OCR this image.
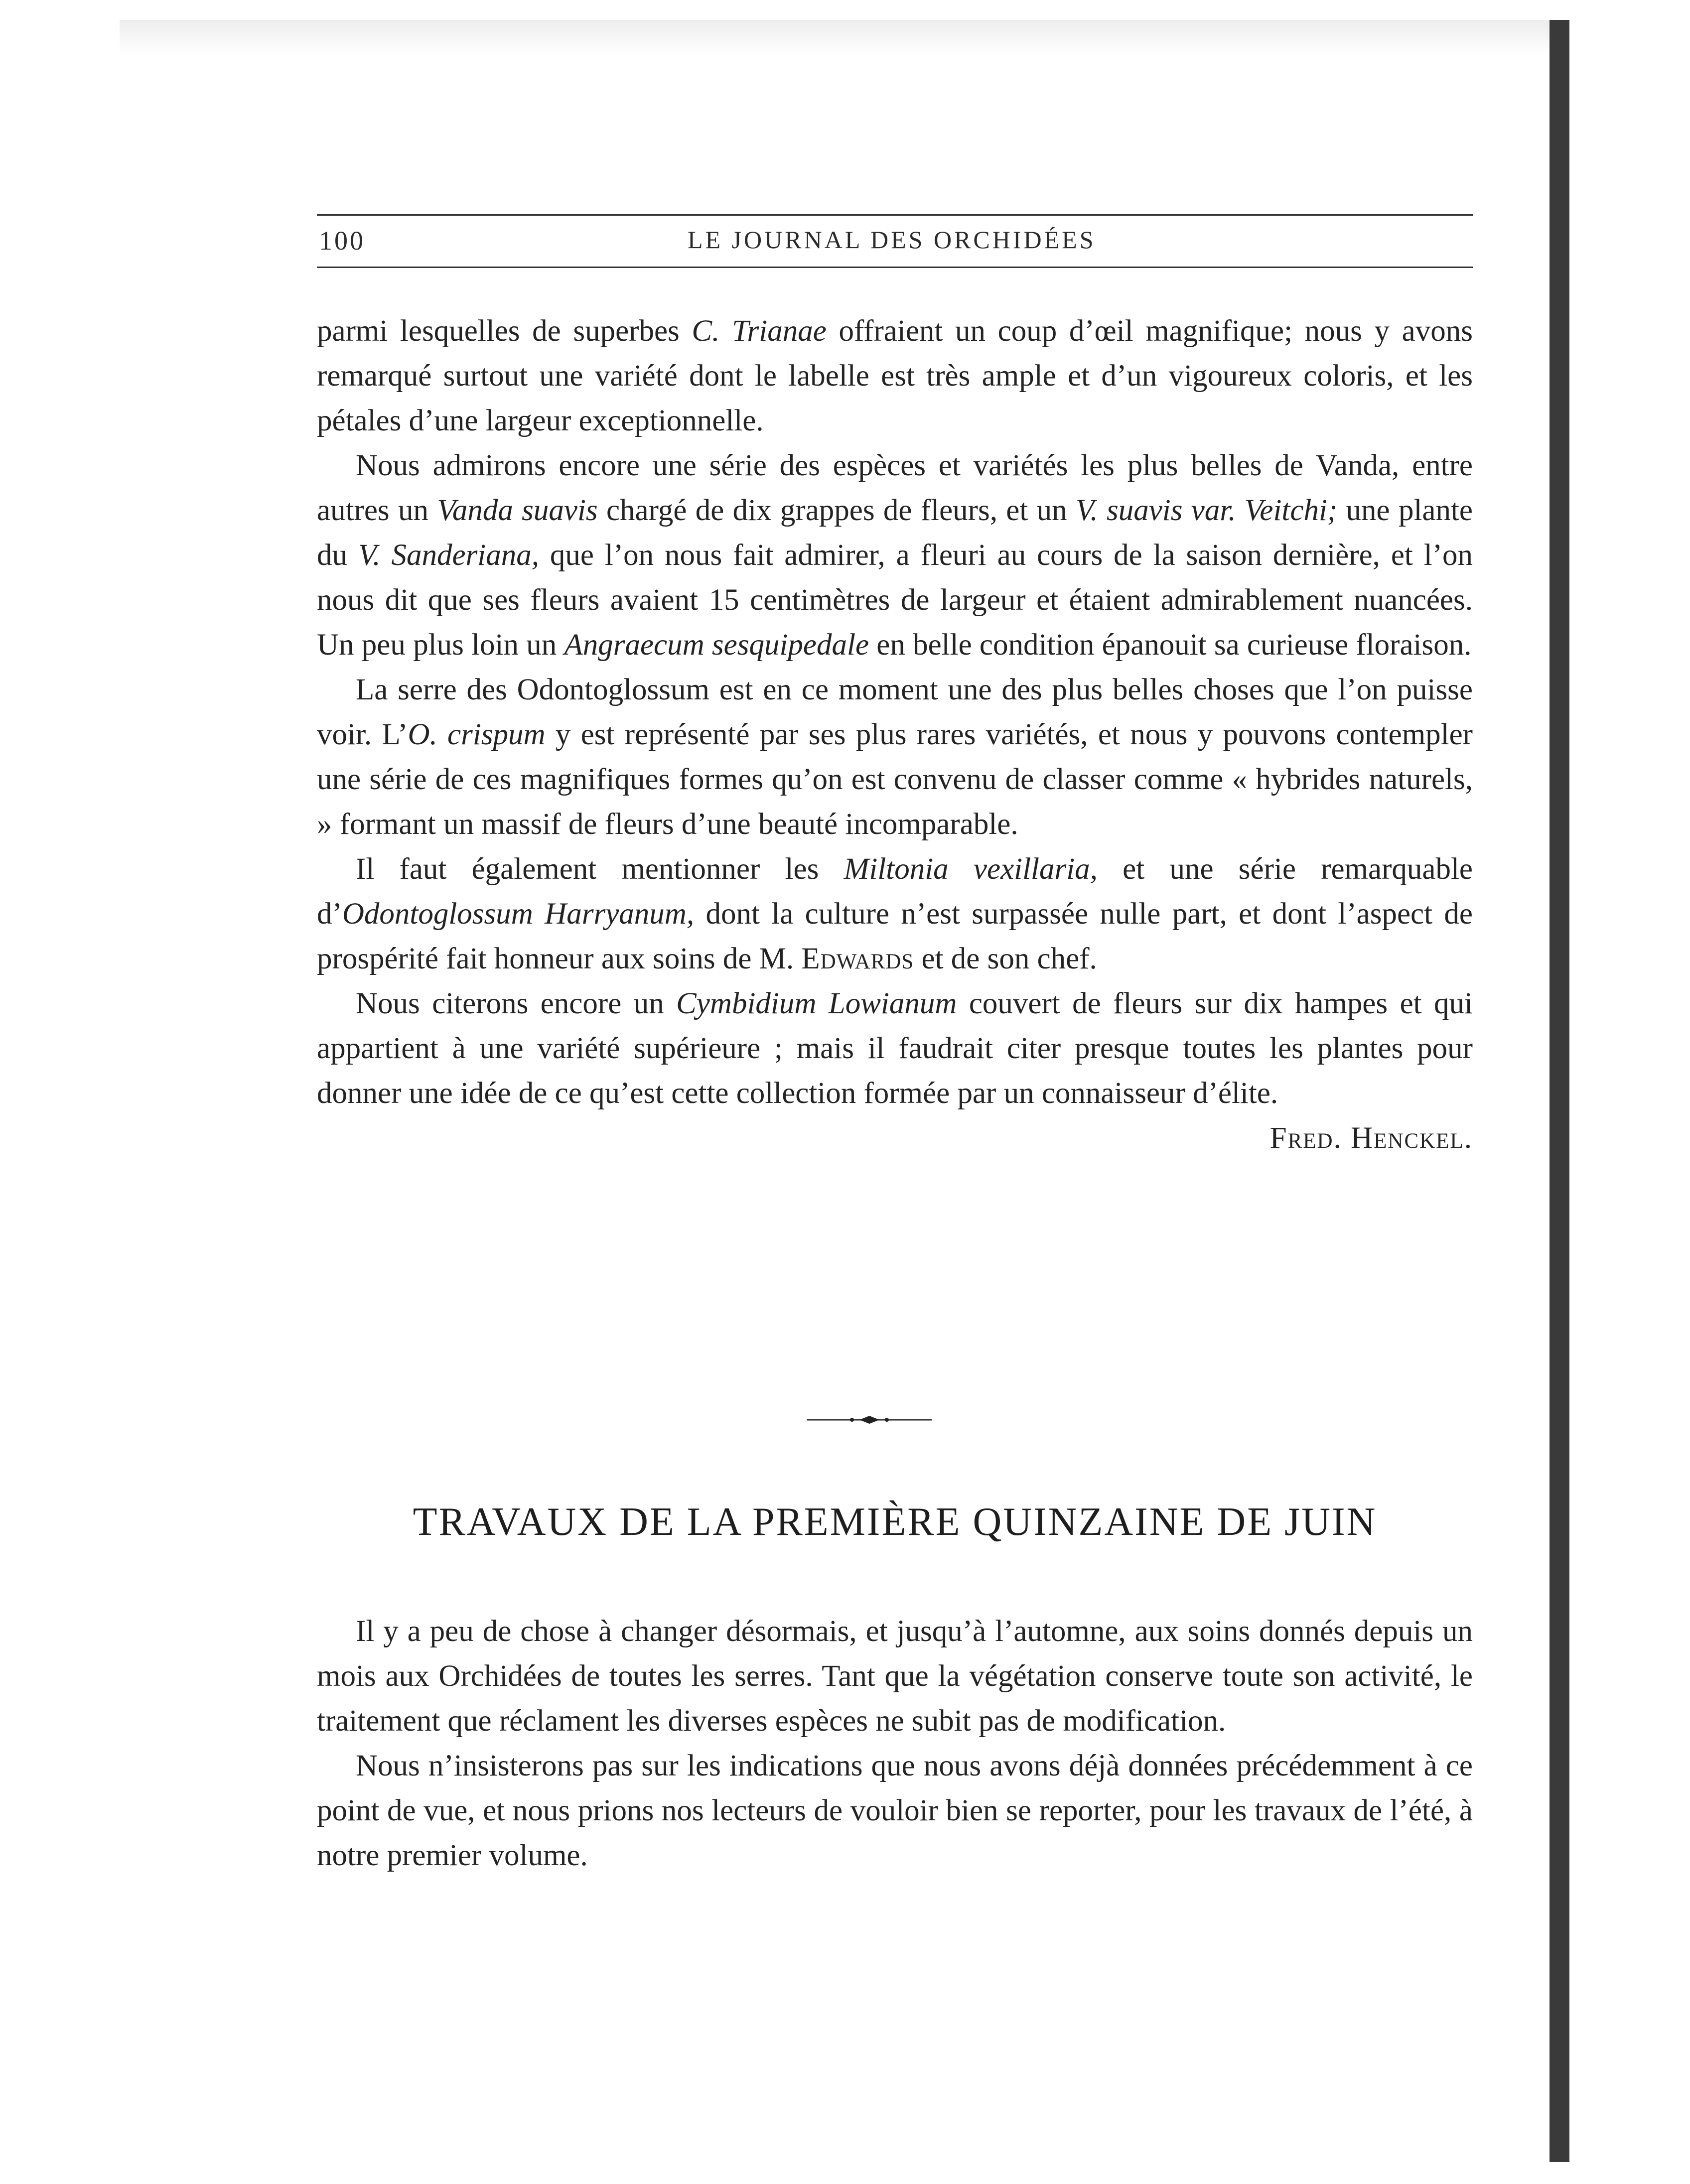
100	LE JOURNAL DES ORCHIDÉES

parmi lesquelles de superbes C. Trianae offraient un coup d’œil magnifique; nous y avons remarqué surtout une variété dont le labelle est très ample et d’un vigoureux coloris, et les pétales d’une largeur exceptionnelle.

Nous admirons encore une série des espèces et variétés les plus belles de Vanda, entre autres un Vanda suavis chargé de dix grappes de fleurs, et un V. suavis var. Veitchi; une plante du V. Sanderiana, que l’on nous fait admirer, a fleuri au cours de la saison dernière, et l’on nous dit que ses fleurs avaient 15 centimètres de largeur et étaient admirablement nuancées. Un peu plus loin un Angraecum sesquipedale en belle condition épanouit sa curieuse floraison.

La serre des Odontoglossum est en ce moment une des plus belles choses que l’on puisse voir. L’O. crispum y est représenté par ses plus rares variétés, et nous y pouvons contempler une série de ces magnifiques formes qu’on est convenu de classer comme « hybrides naturels, » formant un massif de fleurs d’une beauté incomparable.

Il faut également mentionner les Miltonia vexillaria, et une série remarquable d’Odontoglossum Harryanum, dont la culture n’est surpassée nulle part, et dont l’aspect de prospérité fait honneur aux soins de M. Edwards et de son chef.

Nous citerons encore un Cymbidium Lowianum couvert de fleurs sur dix hampes et qui appartient à une variété supérieure ; mais il faudrait citer presque toutes les plantes pour donner une idée de ce qu’est cette collection formée par un connaisseur d’élite.

Fred. Henckel.

TRAVAUX DE LA PREMIÈRE QUINZAINE DE JUIN

Il y a peu de chose à changer désormais, et jusqu’à l’automne, aux soins donnés depuis un mois aux Orchidées de toutes les serres. Tant que la végétation conserve toute son activité, le traitement que réclament les diverses espèces ne subit pas de modification.

Nous n’insisterons pas sur les indications que nous avons déjà données précédemment à ce point de vue, et nous prions nos lecteurs de vouloir bien se reporter, pour les travaux de l’été, à notre premier volume.
